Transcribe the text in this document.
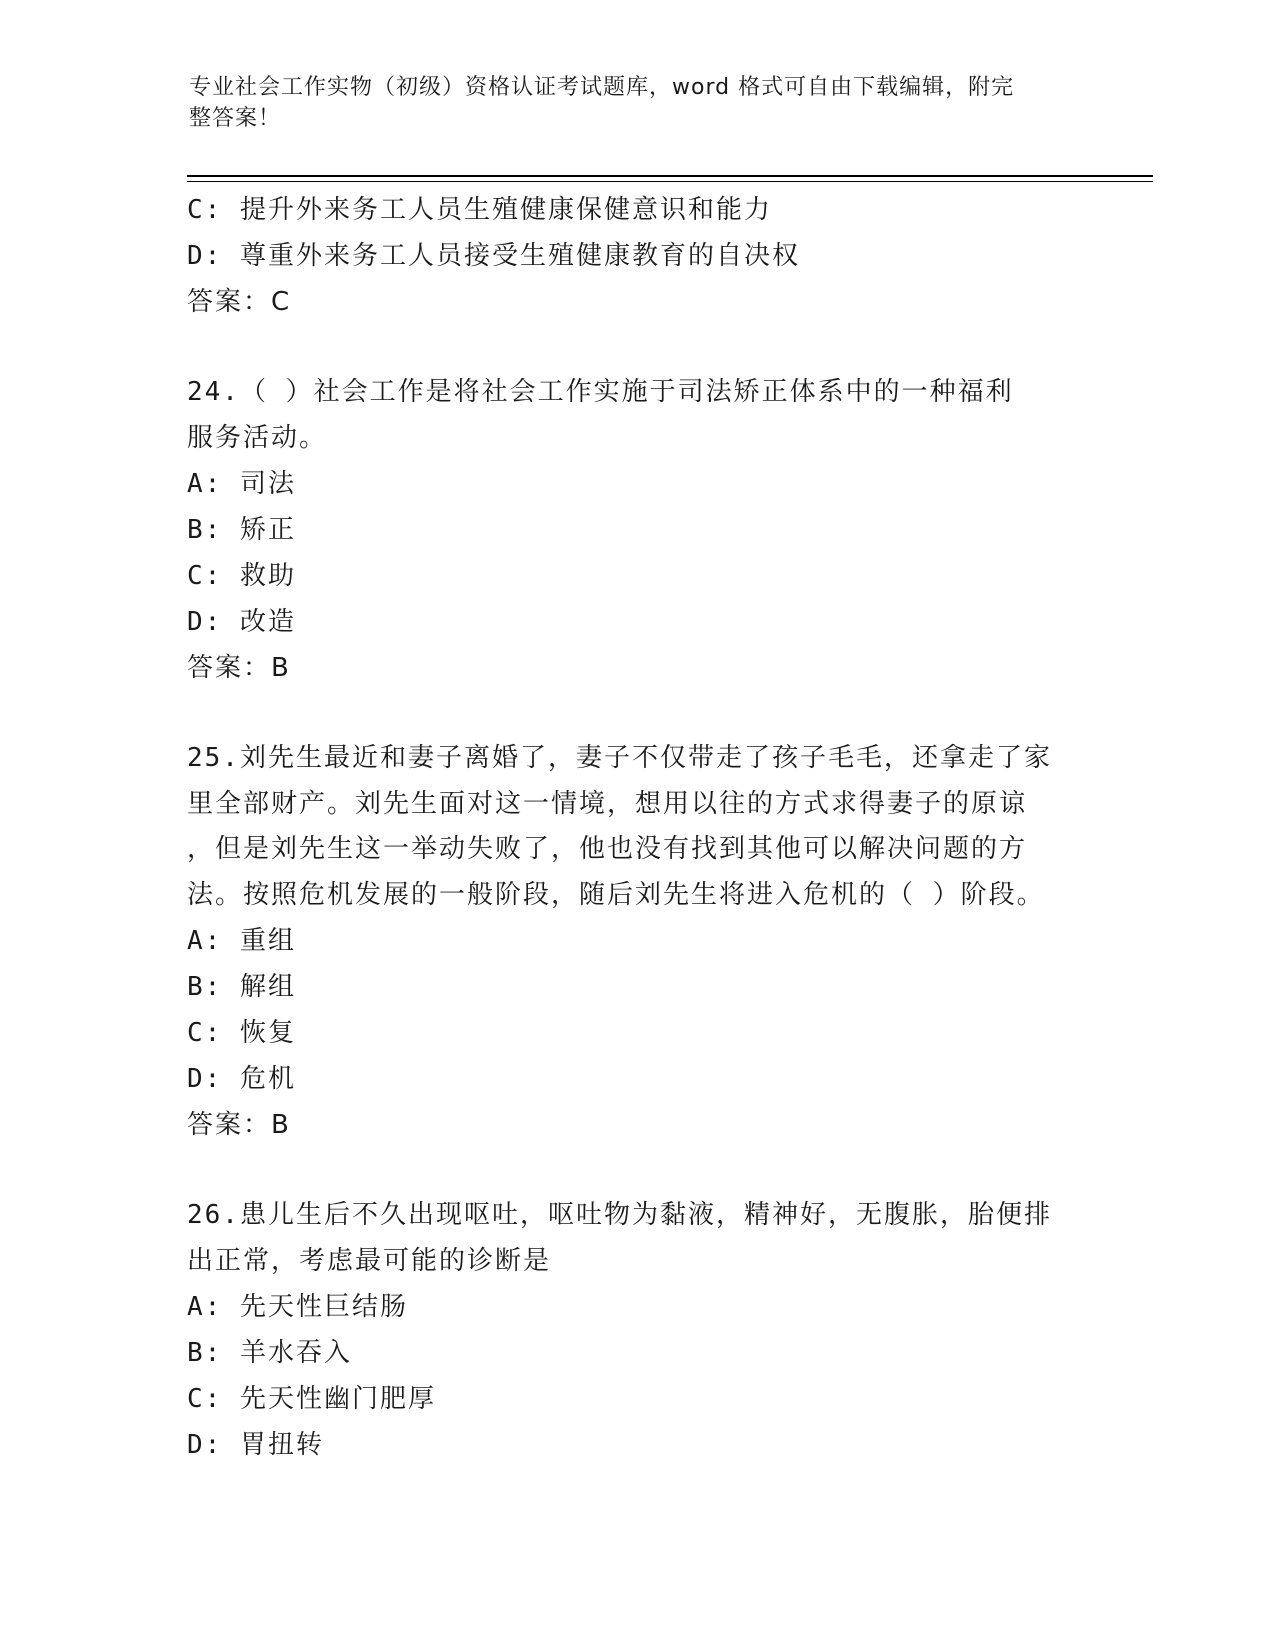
专业社会工作实物（初级）资格认证考试题库，word 格式可自由下载编辑，附完
整答案！
C: 提升外来务工人员生殖健康保健意识和能力
D: 尊重外来务工人员接受生殖健康教育的自决权
答案：C
24.（ ）社会工作是将社会工作实施于司法矫正体系中的一种福利
服务活动。
A: 司法
B: 矫正
C: 救助
D: 改造
答案：B
25.刘先生最近和妻子离婚了，妻子不仅带走了孩子毛毛，还拿走了家
里全部财产。刘先生面对这一情境，想用以往的方式求得妻子的原谅
，但是刘先生这一举动失败了，他也没有找到其他可以解决问题的方
法。按照危机发展的一般阶段，随后刘先生将进入危机的（ ）阶段。
A: 重组
B: 解组
C: 恢复
D: 危机
答案：B
26.患儿生后不久出现呕吐，呕吐物为黏液，精神好，无腹胀，胎便排
出正常，考虑最可能的诊断是
A: 先天性巨结肠
B: 羊水吞入
C: 先天性幽门肥厚
D: 胃扭转
